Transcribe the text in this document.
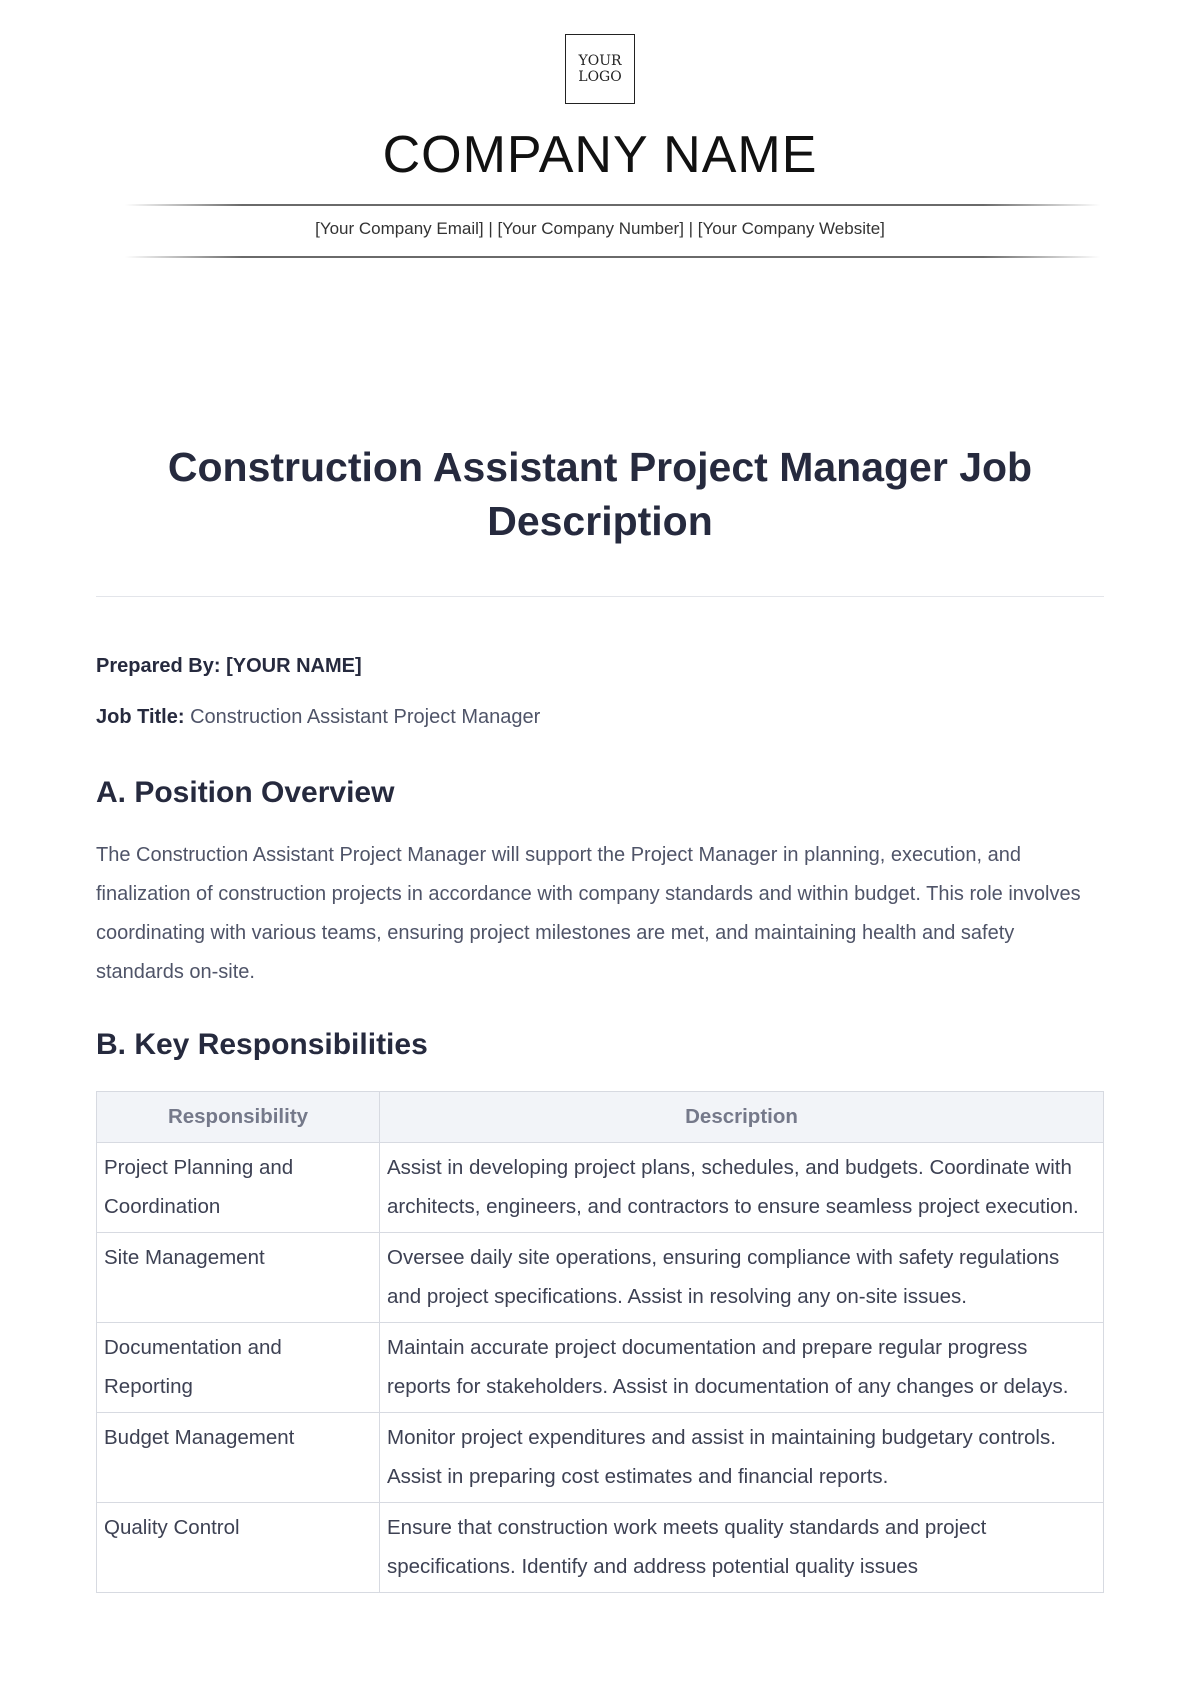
YOUR
LOGO
COMPANY NAME
[Your Company Email] | [Your Company Number] | [Your Company Website]
Construction Assistant Project Manager Job Description
Prepared By: [YOUR NAME]
Job Title: Construction Assistant Project Manager
A. Position Overview
The Construction Assistant Project Manager will support the Project Manager in planning, execution, and finalization of construction projects in accordance with company standards and within budget. This role involves coordinating with various teams, ensuring project milestones are met, and maintaining health and safety standards on-site.
B. Key Responsibilities
Responsibility	Description
Project Planning and Coordination	Assist in developing project plans, schedules, and budgets. Coordinate with architects, engineers, and contractors to ensure seamless project execution.
Site Management	Oversee daily site operations, ensuring compliance with safety regulations and project specifications. Assist in resolving any on-site issues.
Documentation and Reporting	Maintain accurate project documentation and prepare regular progress reports for stakeholders. Assist in documentation of any changes or delays.
Budget Management	Monitor project expenditures and assist in maintaining budgetary controls. Assist in preparing cost estimates and financial reports.
Quality Control	Ensure that construction work meets quality standards and project specifications. Identify and address potential quality issues
